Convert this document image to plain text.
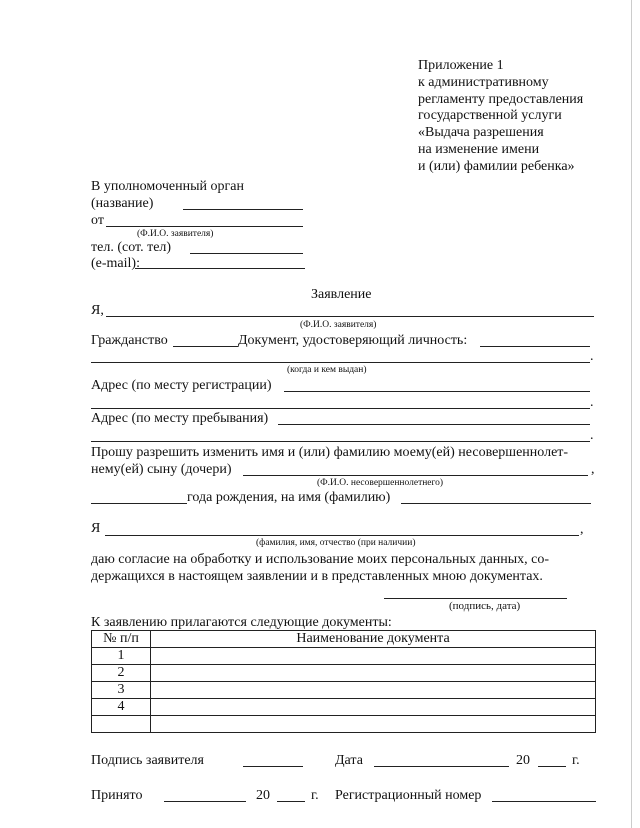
Приложение 1
к административному
регламенту предоставления
государственной услуги
«Выдача разрешения
на изменение имени
и (или) фамилии ребенка»
В уполномоченный орган
(название)
от
(Ф.И.О. заявителя)
тел. (сот. тел)
(e-mail):
Заявление
Я,
(Ф.И.О. заявителя)
Гражданство	Документ, удостоверяющий личность:
.
(когда и кем выдан)
Адрес (по месту регистрации)
.
Адрес (по месту пребывания)
.
Прошу разрешить изменить имя и (или) фамилию моему(ей) несовершеннолет-
нему(ей) сыну (дочери)	,
(Ф.И.О. несовершеннолетнего)
года рождения, на имя (фамилию)
Я	,
(фамилия, имя, отчество (при наличии)
даю согласие на обработку и использование моих персональных данных, со-
держащихся в настоящем заявлении и в представленных мною документах.
(подпись, дата)
К заявлению прилагаются следующие документы:
№ п/п	Наименование документа
1	
2	
3	
4	

Подпись заявителя	Дата	20	г.
Принято	20	г. Регистрационный номер
